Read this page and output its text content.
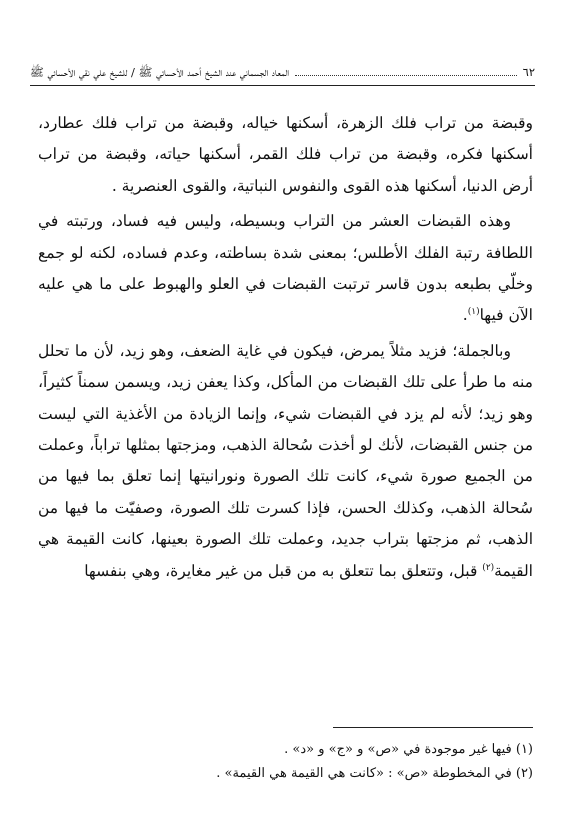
المعاد الجسماني عند الشيخ أحمد الأحسائي ﷺ / للشيخ علي نقي الأحسائي ﷺ	٦٢

وقبضة من تراب فلك الزهرة، أسكنها خياله، وقبضة من تراب فلك عطارد، أسكنها فكره، وقبضة من تراب فلك القمر، أسكنها حياته، وقبضة من تراب أرض الدنيا، أسكنها هذه القوى والنفوس النباتية، والقوى العنصرية .

وهذه القبضات العشر من التراب وبسيطه، وليس فيه فساد، ورتبته في اللطافة رتبة الفلك الأطلس؛ بمعنى شدة بساطته، وعدم فساده، لكنه لو جمع وخلّي بطبعه بدون قاسر ترتبت القبضات في العلو والهبوط على ما هي عليه الآن فيها$^{(١)}$.

وبالجملة؛ فزيد مثلاً يمرض، فيكون في غاية الضعف، وهو زيد، لأن ما تحلل منه ما طرأ على تلك القبضات من المأكل، وكذا يعفن زيد، ويسمن سمناً كثيراً، وهو زيد؛ لأنه لم يزد في القبضات شيء، وإنما الزيادة من الأغذية التي ليست من جنس القبضات، لأنك لو أخذت سُحالة الذهب، ومزجتها بمثلها تراباً، وعملت من الجميع صورة شيء، كانت تلك الصورة ونورانيتها إنما تعلق بما فيها من سُحالة الذهب، وكذلك الحسن، فإذا كسرت تلك الصورة، وصفيّت ما فيها من الذهب، ثم مزجتها بتراب جديد، وعملت تلك الصورة بعينها، كانت القيمة هي القيمة$^{(٢)}$ قبل، وتتعلق بما تتعلق به من قبل من غير مغايرة، وهي بنفسها

(١) فيها غير موجودة في «ص» و «ج» و «د» .

(٢) في المخطوطة «ص» : «كانت هي القيمة هي القيمة» .
